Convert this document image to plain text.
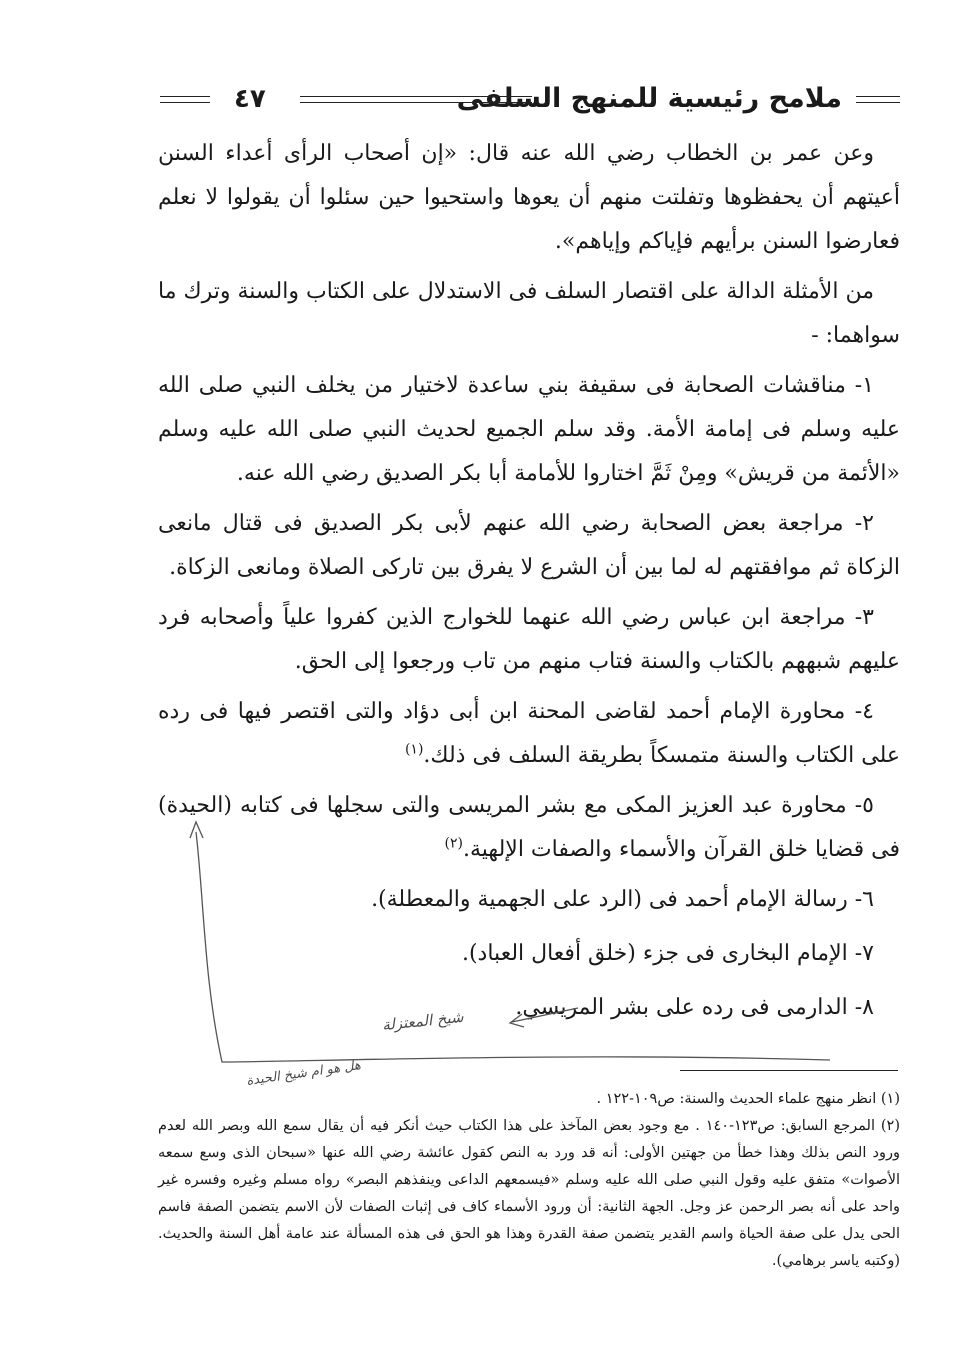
ملامح رئيسية للمنهج السلفى
٤٧

وعن عمر بن الخطاب رضي الله عنه قال: «إن أصحاب الرأى أعداء السنن أعيتهم أن يحفظوها وتفلتت منهم أن يعوها واستحيوا حين سئلوا أن يقولوا لا نعلم فعارضوا السنن برأيهم فإياكم وإياهم».

من الأمثلة الدالة على اقتصار السلف فى الاستدلال على الكتاب والسنة وترك ما سواهما: -

١- مناقشات الصحابة فى سقيفة بني ساعدة لاختيار من يخلف النبي صلى الله عليه وسلم فى إمامة الأمة. وقد سلم الجميع لحديث النبي صلى الله عليه وسلم «الأئمة من قريش» ومِنْ ثَمَّ اختاروا للأمامة أبا بكر الصديق رضي الله عنه.

٢- مراجعة بعض الصحابة رضي الله عنهم لأبى بكر الصديق فى قتال مانعى الزكاة ثم موافقتهم له لما بين أن الشرع لا يفرق بين تاركى الصلاة ومانعى الزكاة.

٣- مراجعة ابن عباس رضي الله عنهما للخوارج الذين كفروا علياً وأصحابه فرد عليهم شبههم بالكتاب والسنة فتاب منهم من تاب ورجعوا إلى الحق.

٤- محاورة الإمام أحمد لقاضى المحنة ابن أبى دؤاد والتى اقتصر فيها فى رده على الكتاب والسنة متمسكاً بطريقة السلف فى ذلك.$^{(١)}$

٥- محاورة عبد العزيز المكى مع بشر المريسى والتى سجلها فى كتابه (الحيدة) فى قضايا خلق القرآن والأسماء والصفات الإلهية.$^{(٢)}$

٦- رسالة الإمام أحمد فى (الرد على الجهمية والمعطلة).

٧- الإمام البخارى فى جزء (خلق أفعال العباد).

٨- الدارمى فى رده على بشر المريسي.

(١) انظر منهج علماء الحديث والسنة: ص١٠٩-١٢٢ .

(٢) المرجع السابق: ص١٢٣-١٤٠ . مع وجود بعض المآخذ على هذا الكتاب حيث أنكر فيه أن يقال سمع الله وبصر الله لعدم ورود النص بذلك وهذا خطأ من جهتين الأولى: أنه قد ورد به النص كقول عائشة رضي الله عنها «سبحان الذى وسع سمعه الأصوات» متفق عليه وقول النبي صلى الله عليه وسلم «فيسمعهم الداعى وينفذهم البصر» رواه مسلم وغيره وفسره غير واحد على أنه بصر الرحمن عز وجل. الجهة الثانية: أن ورود الأسماء كاف فى إثبات الصفات لأن الاسم يتضمن الصفة فاسم الحى يدل على صفة الحياة واسم القدير يتضمن صفة القدرة وهذا هو الحق فى هذه المسألة عند عامة أهل السنة والحديث.(وكتبه ياسر برهامي).

شيخ المعتزلة
هل هو ام شيخ الحيدة
